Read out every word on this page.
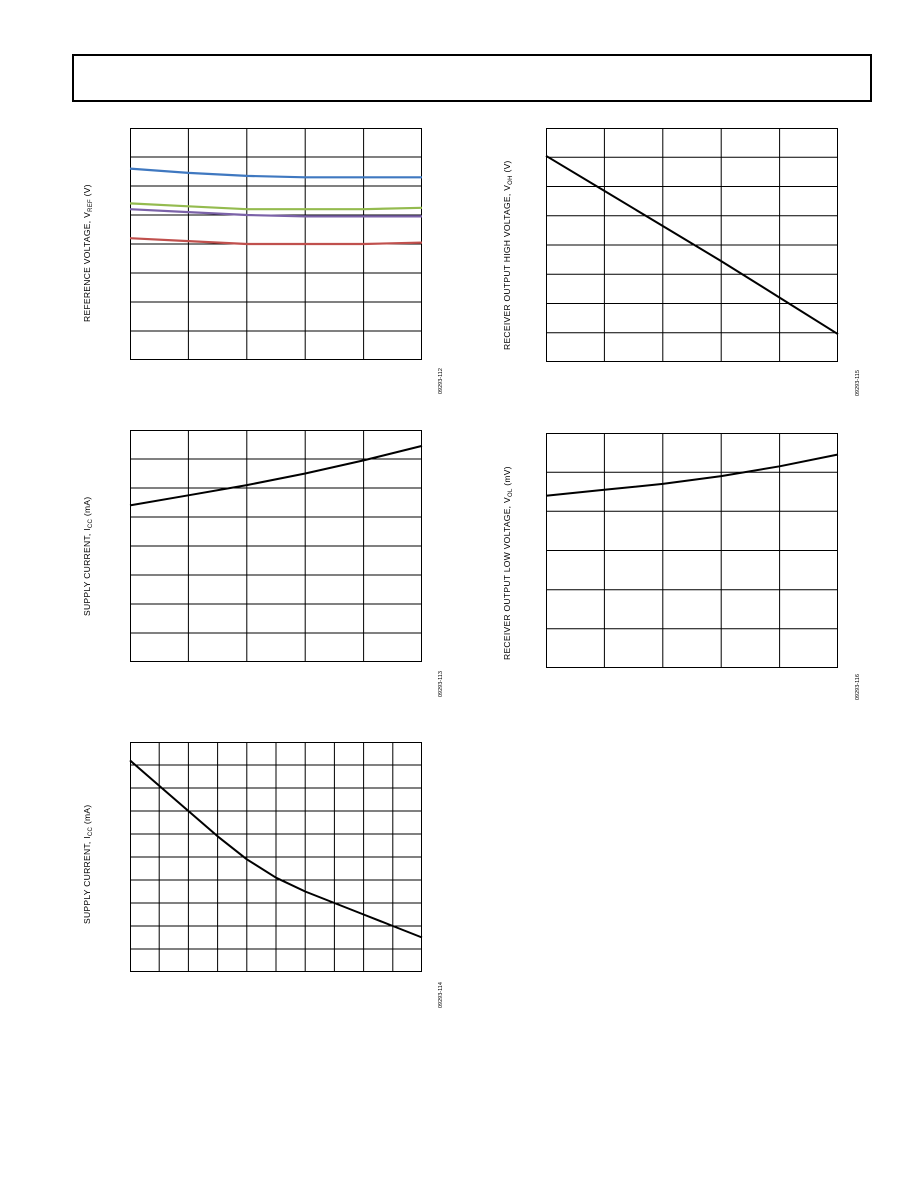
REFERENCE VOLTAGE, $V_{REF}$ (V)
09293-112
SUPPLY CURRENT, $I_{CC}$ (mA)
09293-113
SUPPLY CURRENT, $I_{CC}$ (mA)
09293-114
RECEIVER OUTPUT HIGH VOLTAGE, $V_{OH}$ (V)
09293-115
RECEIVER OUTPUT LOW VOLTAGE, $V_{OL}$ (mV)
09293-116
